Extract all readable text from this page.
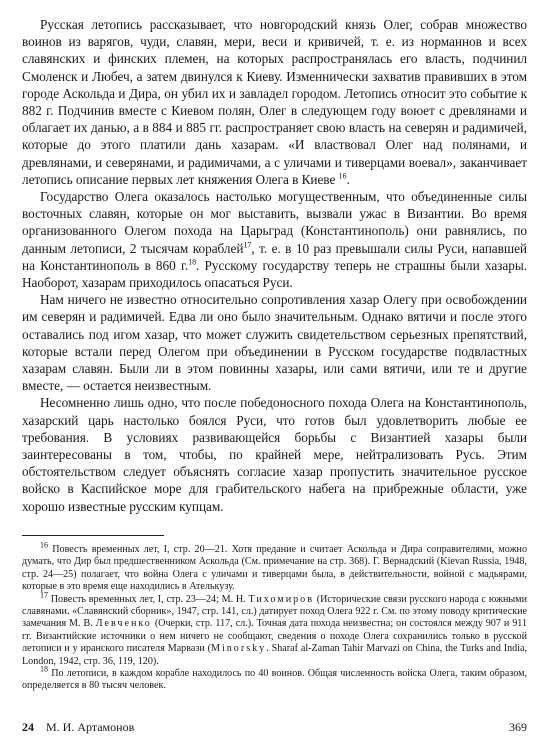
Русская летопись рассказывает, что новгородский князь Олег, собрав множество воинов из варягов, чуди, славян, мери, веси и кривичей, т. е. из норманнов и всех славянских и финских племен, на которых распространялась его власть, подчинил Смоленск и Любеч, а затем двинулся к Киеву. Изменнически захватив правивших в этом городе Аскольда и Дира, он убил их и завладел городом. Летопись относит это событие к 882 г. Подчинив вместе с Киевом полян, Олег в следующем году воюет с древлянами и облагает их данью, а в 884 и 885 гг. распространяет свою власть на северян и радимичей, которые до этого платили дань хазарам. «И властвовал Олег над полянами, и древлянами, и северянами, и радимичами, а с уличами и тиверцами воевал», заканчивает летопись описание первых лет княжения Олега в Киеве $^{16}$.

Государство Олега оказалось настолько могущественным, что объединенные силы восточных славян, которые он мог выставить, вызвали ужас в Византии. Во время организованного Олегом похода на Царьград (Константинополь) они равнялись, по данным летописи, 2 тысячам кораблей$^{17}$, т. е. в 10 раз превышали силы Руси, напавшей на Константинополь в 860 г.$^{18}$. Русскому государству теперь не страшны были хазары. Наоборот, хазарам приходилось опасаться Руси.

Нам ничего не известно относительно сопротивления хазар Олегу при освобождении им северян и радимичей. Едва ли оно было значительным. Однако вятичи и после этого оставались под игом хазар, что может служить свидетельством серьезных препятствий, которые встали перед Олегом при объединении в Русском государстве подвластных хазарам славян. Были ли в этом повинны хазары, или сами вятичи, или те и другие вместе, — остается неизвестным.

Несомненно лишь одно, что после победоносного похода Олега на Константинополь, хазарский царь настолько боялся Руси, что готов был удовлетворить любые ее требования. В условиях развивающейся борьбы с Византией хазары были заинтересованы в том, чтобы, по крайней мере, нейтрализовать Русь. Этим обстоятельством следует объяснять согласие хазар пропустить значительное русское войско в Каспийское море для грабительского набега на прибрежные области, уже хорошо известные русским купцам.

$^{16}$ Повесть временных лет, I, стр. 20—21. Хотя предание и считает Аскольда и Дира соправителями, можно думать, что Дир был предшественником Аскольда (См. примечание на стр. 368). Г. Вернадский (Kievan Russia, 1948, стр. 24—25) полагает, что война Олега с уличами и тиверцами была, в действительности, войной с мадьярами, которые в это время еще находились в Ателькузу.

$^{17}$ Повесть временных лет, I, стр. 23—24; М. Н. Тихомиров (Исторические связи русского народа с южными славянами. «Славянский сборник», 1947, стр. 141, сл.) датирует поход Олега 922 г. См. по этому поводу критические замечания М. В. Левченко (Очерки, стр. 117, сл.). Точная дата похода неизвестна; он состоялся между 907 и 911 гг. Византийские источники о нем ничего не сообщают, сведения о походе Олега сохранились только в русской летописи и у иранского писателя Марвази (Minorsky. Sharaf al-Zaman Tahir Marvazi on China, the Turks and India, London, 1942, стр. 36, 119, 120).

$^{18}$ По летописи, в каждом корабле находилось по 40 воинов. Общая численность войска Олега, таким образом, определяется в 80 тысяч человек.

24 М. И. Артамонов	369
